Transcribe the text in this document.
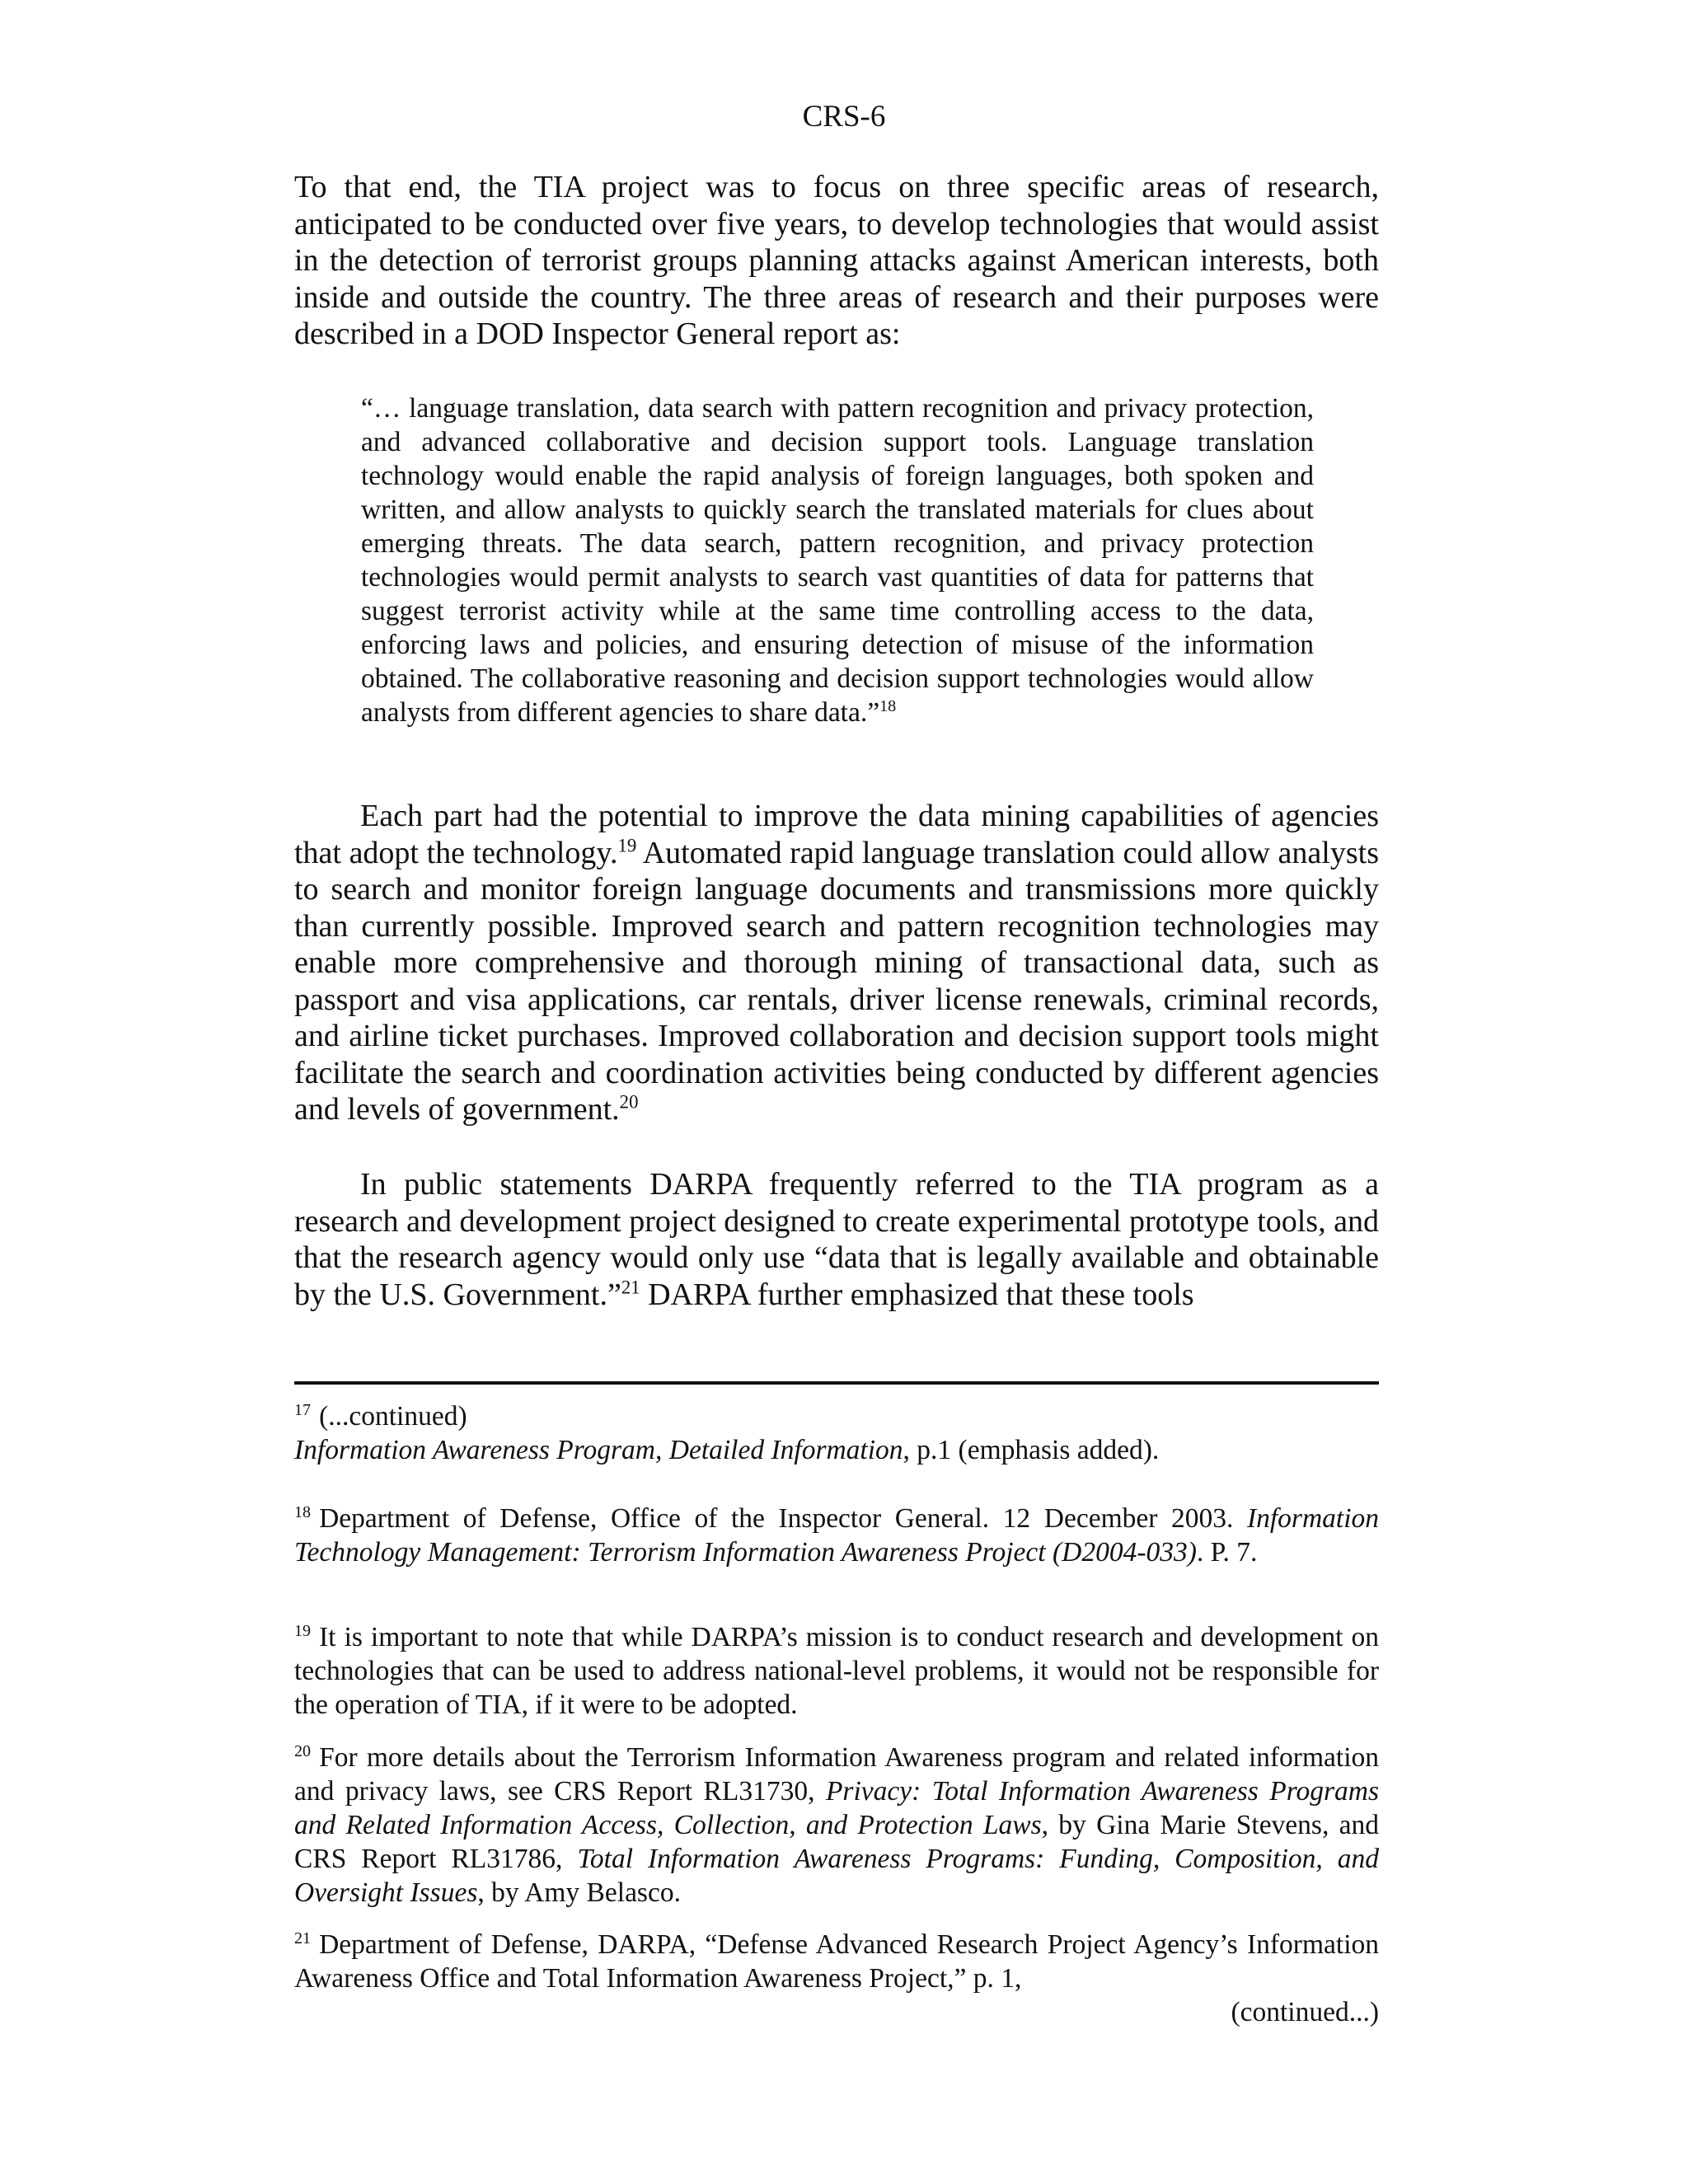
CRS-6

To that end, the TIA project was to focus on three specific areas of research, anticipated to be conducted over five years, to develop technologies that would assist in the detection of terrorist groups planning attacks against American interests, both inside and outside the country. The three areas of research and their purposes were described in a DOD Inspector General report as:

“… language translation, data search with pattern recognition and privacy protection, and advanced collaborative and decision support tools. Language translation technology would enable the rapid analysis of foreign languages, both spoken and written, and allow analysts to quickly search the translated materials for clues about emerging threats. The data search, pattern recognition, and privacy protection technologies would permit analysts to search vast quantities of data for patterns that suggest terrorist activity while at the same time controlling access to the data, enforcing laws and policies, and ensuring detection of misuse of the information obtained. The collaborative reasoning and decision support technologies would allow analysts from different agencies to share data.”$^{18}$

Each part had the potential to improve the data mining capabilities of agencies that adopt the technology.$^{19}$ Automated rapid language translation could allow analysts to search and monitor foreign language documents and transmissions more quickly than currently possible. Improved search and pattern recognition technologies may enable more comprehensive and thorough mining of transactional data, such as passport and visa applications, car rentals, driver license renewals, criminal records, and airline ticket purchases. Improved collaboration and decision support tools might facilitate the search and coordination activities being conducted by different agencies and levels of government.$^{20}$

In public statements DARPA frequently referred to the TIA program as a research and development project designed to create experimental prototype tools, and that the research agency would only use “data that is legally available and obtainable by the U.S. Government.”$^{21}$ DARPA further emphasized that these tools

$^{17}$ (...continued)
Information Awareness Program, Detailed Information, p.1 (emphasis added).

$^{18}$ Department of Defense, Office of the Inspector General. 12 December 2003. Information Technology Management: Terrorism Information Awareness Project (D2004-033). P. 7.

$^{19}$ It is important to note that while DARPA’s mission is to conduct research and development on technologies that can be used to address national-level problems, it would not be responsible for the operation of TIA, if it were to be adopted.

$^{20}$ For more details about the Terrorism Information Awareness program and related information and privacy laws, see CRS Report RL31730, Privacy: Total Information Awareness Programs and Related Information Access, Collection, and Protection Laws, by Gina Marie Stevens, and CRS Report RL31786, Total Information Awareness Programs: Funding, Composition, and Oversight Issues, by Amy Belasco.

$^{21}$ Department of Defense, DARPA, “Defense Advanced Research Project Agency’s Information Awareness Office and Total Information Awareness Project,” p. 1,
(continued...)
